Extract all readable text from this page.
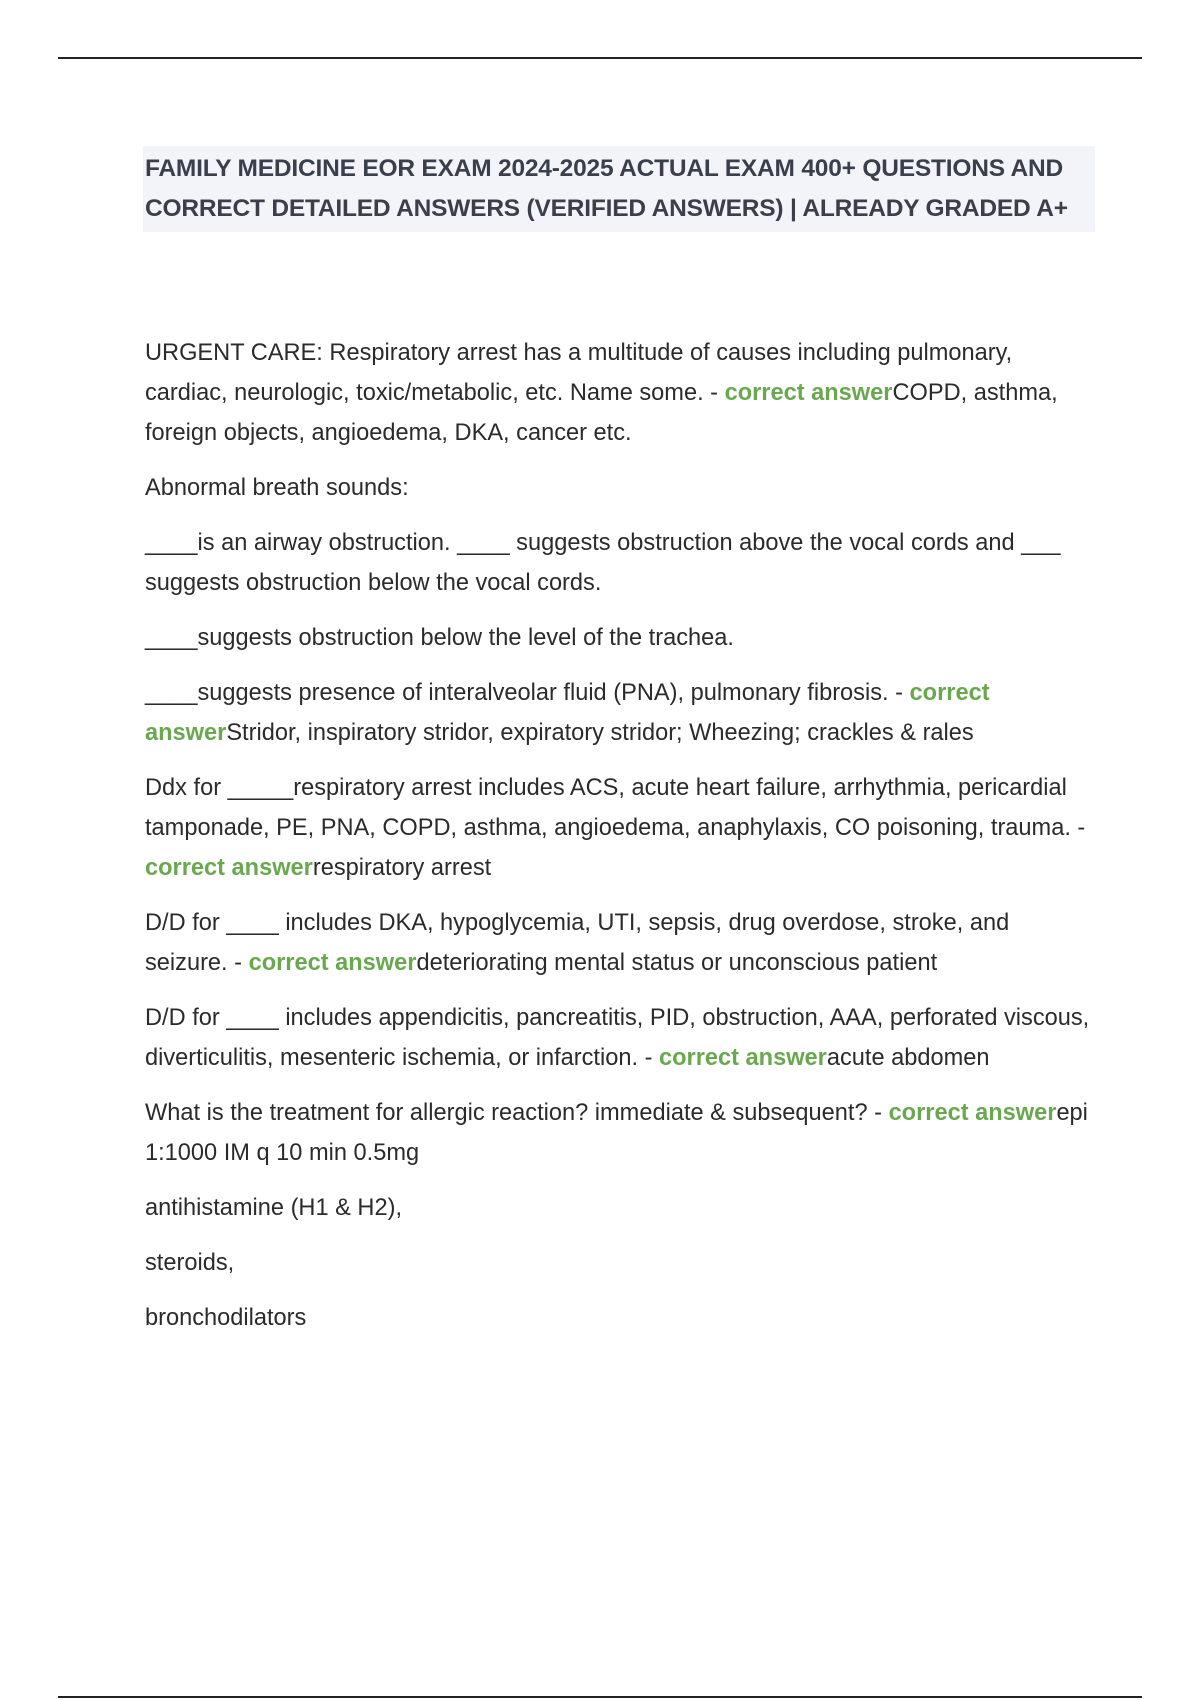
FAMILY MEDICINE EOR EXAM 2024-2025 ACTUAL EXAM 400+ QUESTIONS AND CORRECT DETAILED ANSWERS (VERIFIED ANSWERS) | ALREADY GRADED A+

URGENT CARE: Respiratory arrest has a multitude of causes including pulmonary, cardiac, neurologic, toxic/metabolic, etc. Name some. - correct answerCOPD, asthma, foreign objects, angioedema, DKA, cancer etc.

Abnormal breath sounds:

____is an airway obstruction. ____ suggests obstruction above the vocal cords and ___ suggests obstruction below the vocal cords.

____suggests obstruction below the level of the trachea.

____suggests presence of interalveolar fluid (PNA), pulmonary fibrosis. - correct answerStridor, inspiratory stridor, expiratory stridor; Wheezing; crackles & rales

Ddx for _____respiratory arrest includes ACS, acute heart failure, arrhythmia, pericardial tamponade, PE, PNA, COPD, asthma, angioedema, anaphylaxis, CO poisoning, trauma. - correct answerrespiratory arrest

D/D for ____ includes DKA, hypoglycemia, UTI, sepsis, drug overdose, stroke, and seizure. - correct answerdeteriorating mental status or unconscious patient

D/D for ____ includes appendicitis, pancreatitis, PID, obstruction, AAA, perforated viscous, diverticulitis, mesenteric ischemia, or infarction. - correct answeracute abdomen

What is the treatment for allergic reaction? immediate & subsequent? - correct answerepi 1:1000 IM q 10 min 0.5mg

antihistamine (H1 & H2),

steroids,

bronchodilators
